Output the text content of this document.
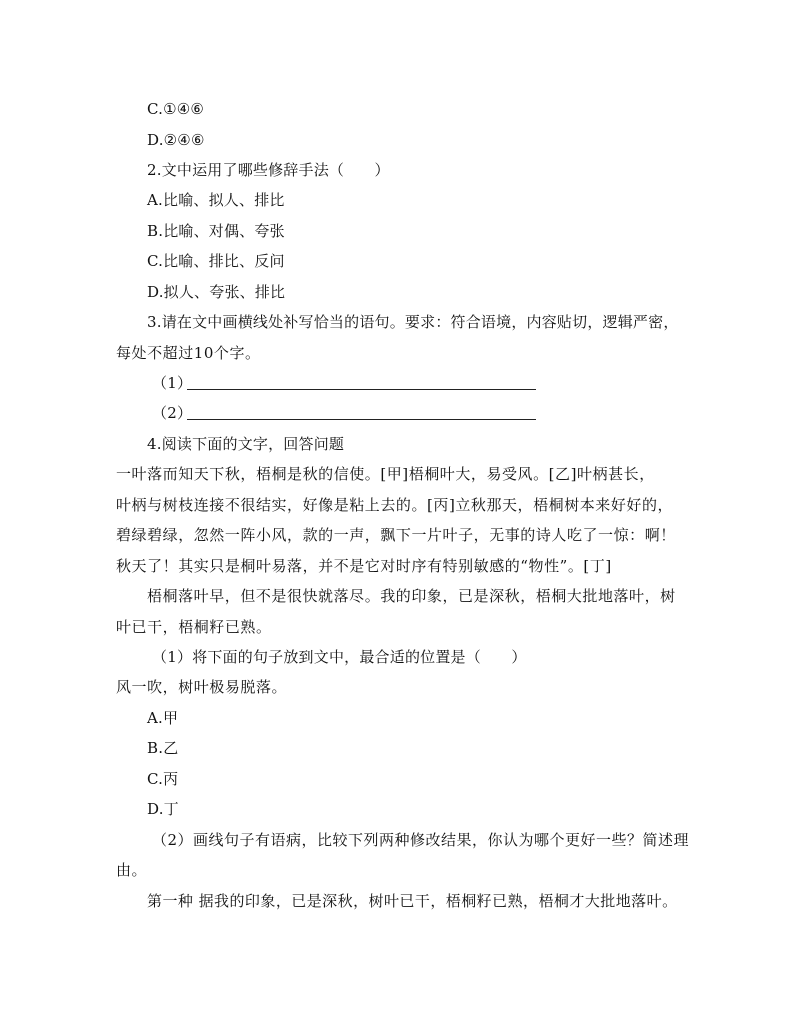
C.①④⑥
D.②④⑥
2.文中运用了哪些修辞手法（　　）
A.比喻、拟人、排比
B.比喻、对偶、夸张
C.比喻、排比、反问
D.拟人、夸张、排比
3.请在文中画横线处补写恰当的语句。要求：符合语境，内容贴切，逻辑严密，
每处不超过10个字。
（1）
（2）
4.阅读下面的文字，回答问题
一叶落而知天下秋，梧桐是秋的信使。[甲]梧桐叶大，易受风。[乙]叶柄甚长，
叶柄与树枝连接不很结实，好像是粘上去的。[丙]立秋那天，梧桐树本来好好的，
碧绿碧绿，忽然一阵小风，款的一声，飘下一片叶子，无事的诗人吃了一惊：啊！
秋天了！其实只是桐叶易落，并不是它对时序有特别敏感的“物性”。[丁]
梧桐落叶早，但不是很快就落尽。我的印象，已是深秋，梧桐大批地落叶，树
叶已干，梧桐籽已熟。
（1）将下面的句子放到文中，最合适的位置是（　　）
风一吹，树叶极易脱落。
A.甲
B.乙
C.丙
D.丁
（2）画线句子有语病，比较下列两种修改结果，你认为哪个更好一些？简述理
由。
第一种 据我的印象，已是深秋，树叶已干，梧桐籽已熟，梧桐才大批地落叶。
